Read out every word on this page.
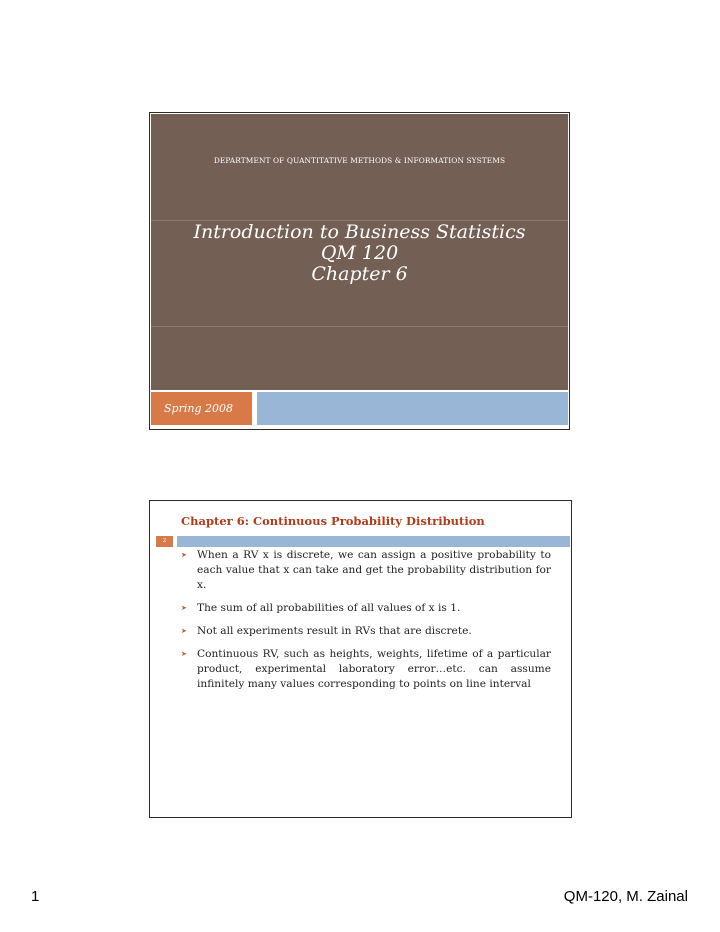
DEPARTMENT OF QUANTITATIVE METHODS & INFORMATION SYSTEMS
Introduction to Business Statistics
QM 120
Chapter 6
Spring 2008
Chapter 6: Continuous Probability Distribution
2
➤ When a RV x is discrete, we can assign a positive probability to each value that x can take and get the probability distribution for x.
➤ The sum of all probabilities of all values of x is 1.
➤ Not all experiments result in RVs that are discrete.
➤ Continuous RV, such as heights, weights, lifetime of a particular product, experimental laboratory error…etc. can assume infinitely many values corresponding to points on line interval
1	QM-120, M. Zainal
